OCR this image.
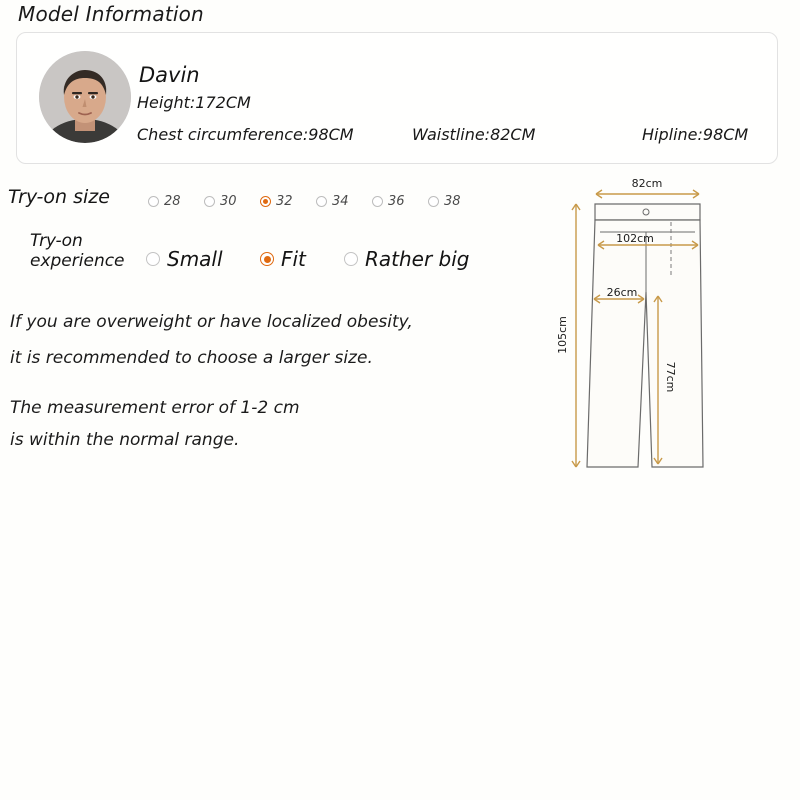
Model Information
Davin
Height:172CM
Chest circumference:98CM	Waistline:82CM	Hipline:98CM
Try-on size	28	30	32	34	36	38
Try-on experience	Small	Fit	Rather big
If you are overweight or have localized obesity,
it is recommended to choose a larger size.
The measurement error of 1-2 cm
is within the normal range.
82cm
102cm
26cm
77cm
105cm
